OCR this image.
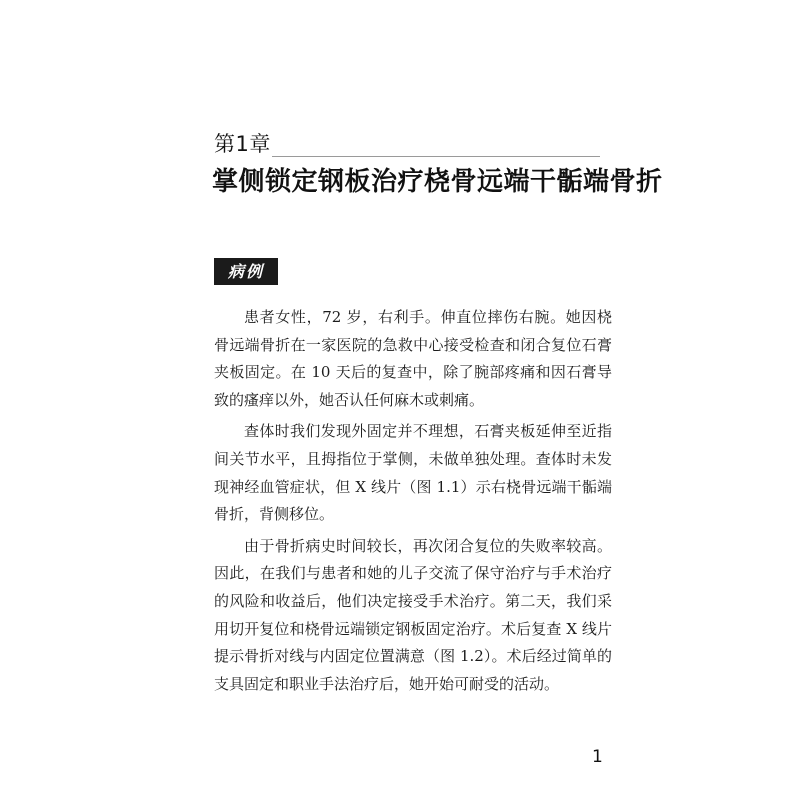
第1章
掌侧锁定钢板治疗桡骨远端干骺端骨折
病例

患者女性，72 岁，右利手。伸直位摔伤右腕。她因桡骨远端骨折在一家医院的急救中心接受检查和闭合复位石膏夹板固定。在 10 天后的复查中，除了腕部疼痛和因石膏导致的瘙痒以外，她否认任何麻木或刺痛。

查体时我们发现外固定并不理想，石膏夹板延伸至近指间关节水平，且拇指位于掌侧，未做单独处理。查体时未发现神经血管症状，但 X 线片（图 1.1）示右桡骨远端干骺端骨折，背侧移位。

由于骨折病史时间较长，再次闭合复位的失败率较高。因此，在我们与患者和她的儿子交流了保守治疗与手术治疗的风险和收益后，他们决定接受手术治疗。第二天，我们采用切开复位和桡骨远端锁定钢板固定治疗。术后复查 X 线片提示骨折对线与内固定位置满意（图 1.2）。术后经过简单的支具固定和职业手法治疗后，她开始可耐受的活动。

1
